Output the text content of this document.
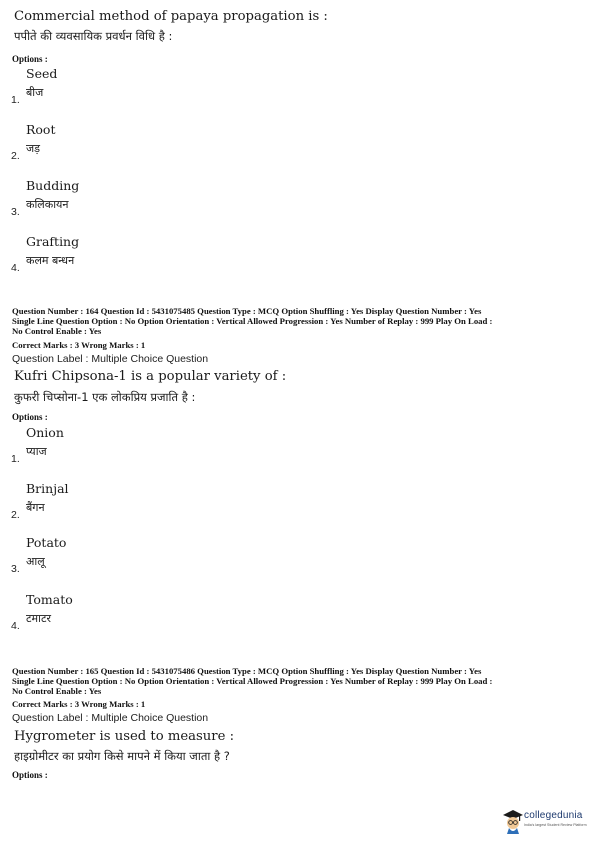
Commercial method of papaya propagation is :
पपीते की व्यवसायिक प्रवर्धन विधि है :
Options :
Seed
बीज
1.
Root
जड़
2.
Budding
कलिकायन
3.
Grafting
कलम बन्धन
4.
Question Number : 164 Question Id : 5431075485 Question Type : MCQ Option Shuffling : Yes Display Question Number : Yes
Single Line Question Option : No Option Orientation : Vertical Allowed Progression : Yes Number of Replay : 999 Play On Load :
No Control Enable : Yes
Correct Marks : 3 Wrong Marks : 1
Question Label : Multiple Choice Question
Kufri Chipsona-1 is a popular variety of :
कुफरी चिप्सोना-1 एक लोकप्रिय प्रजाति है :
Options :
Onion
प्याज
1.
Brinjal
बैंगन
2.
Potato
आलू
3.
Tomato
टमाटर
4.
Question Number : 165 Question Id : 5431075486 Question Type : MCQ Option Shuffling : Yes Display Question Number : Yes
Single Line Question Option : No Option Orientation : Vertical Allowed Progression : Yes Number of Replay : 999 Play On Load :
No Control Enable : Yes
Correct Marks : 3 Wrong Marks : 1
Question Label : Multiple Choice Question
Hygrometer is used to measure :
हाइग्रोमीटर का प्रयोग किसे मापने में किया जाता है ?
Options :
collegedunia
India's largest Student Review Platform
